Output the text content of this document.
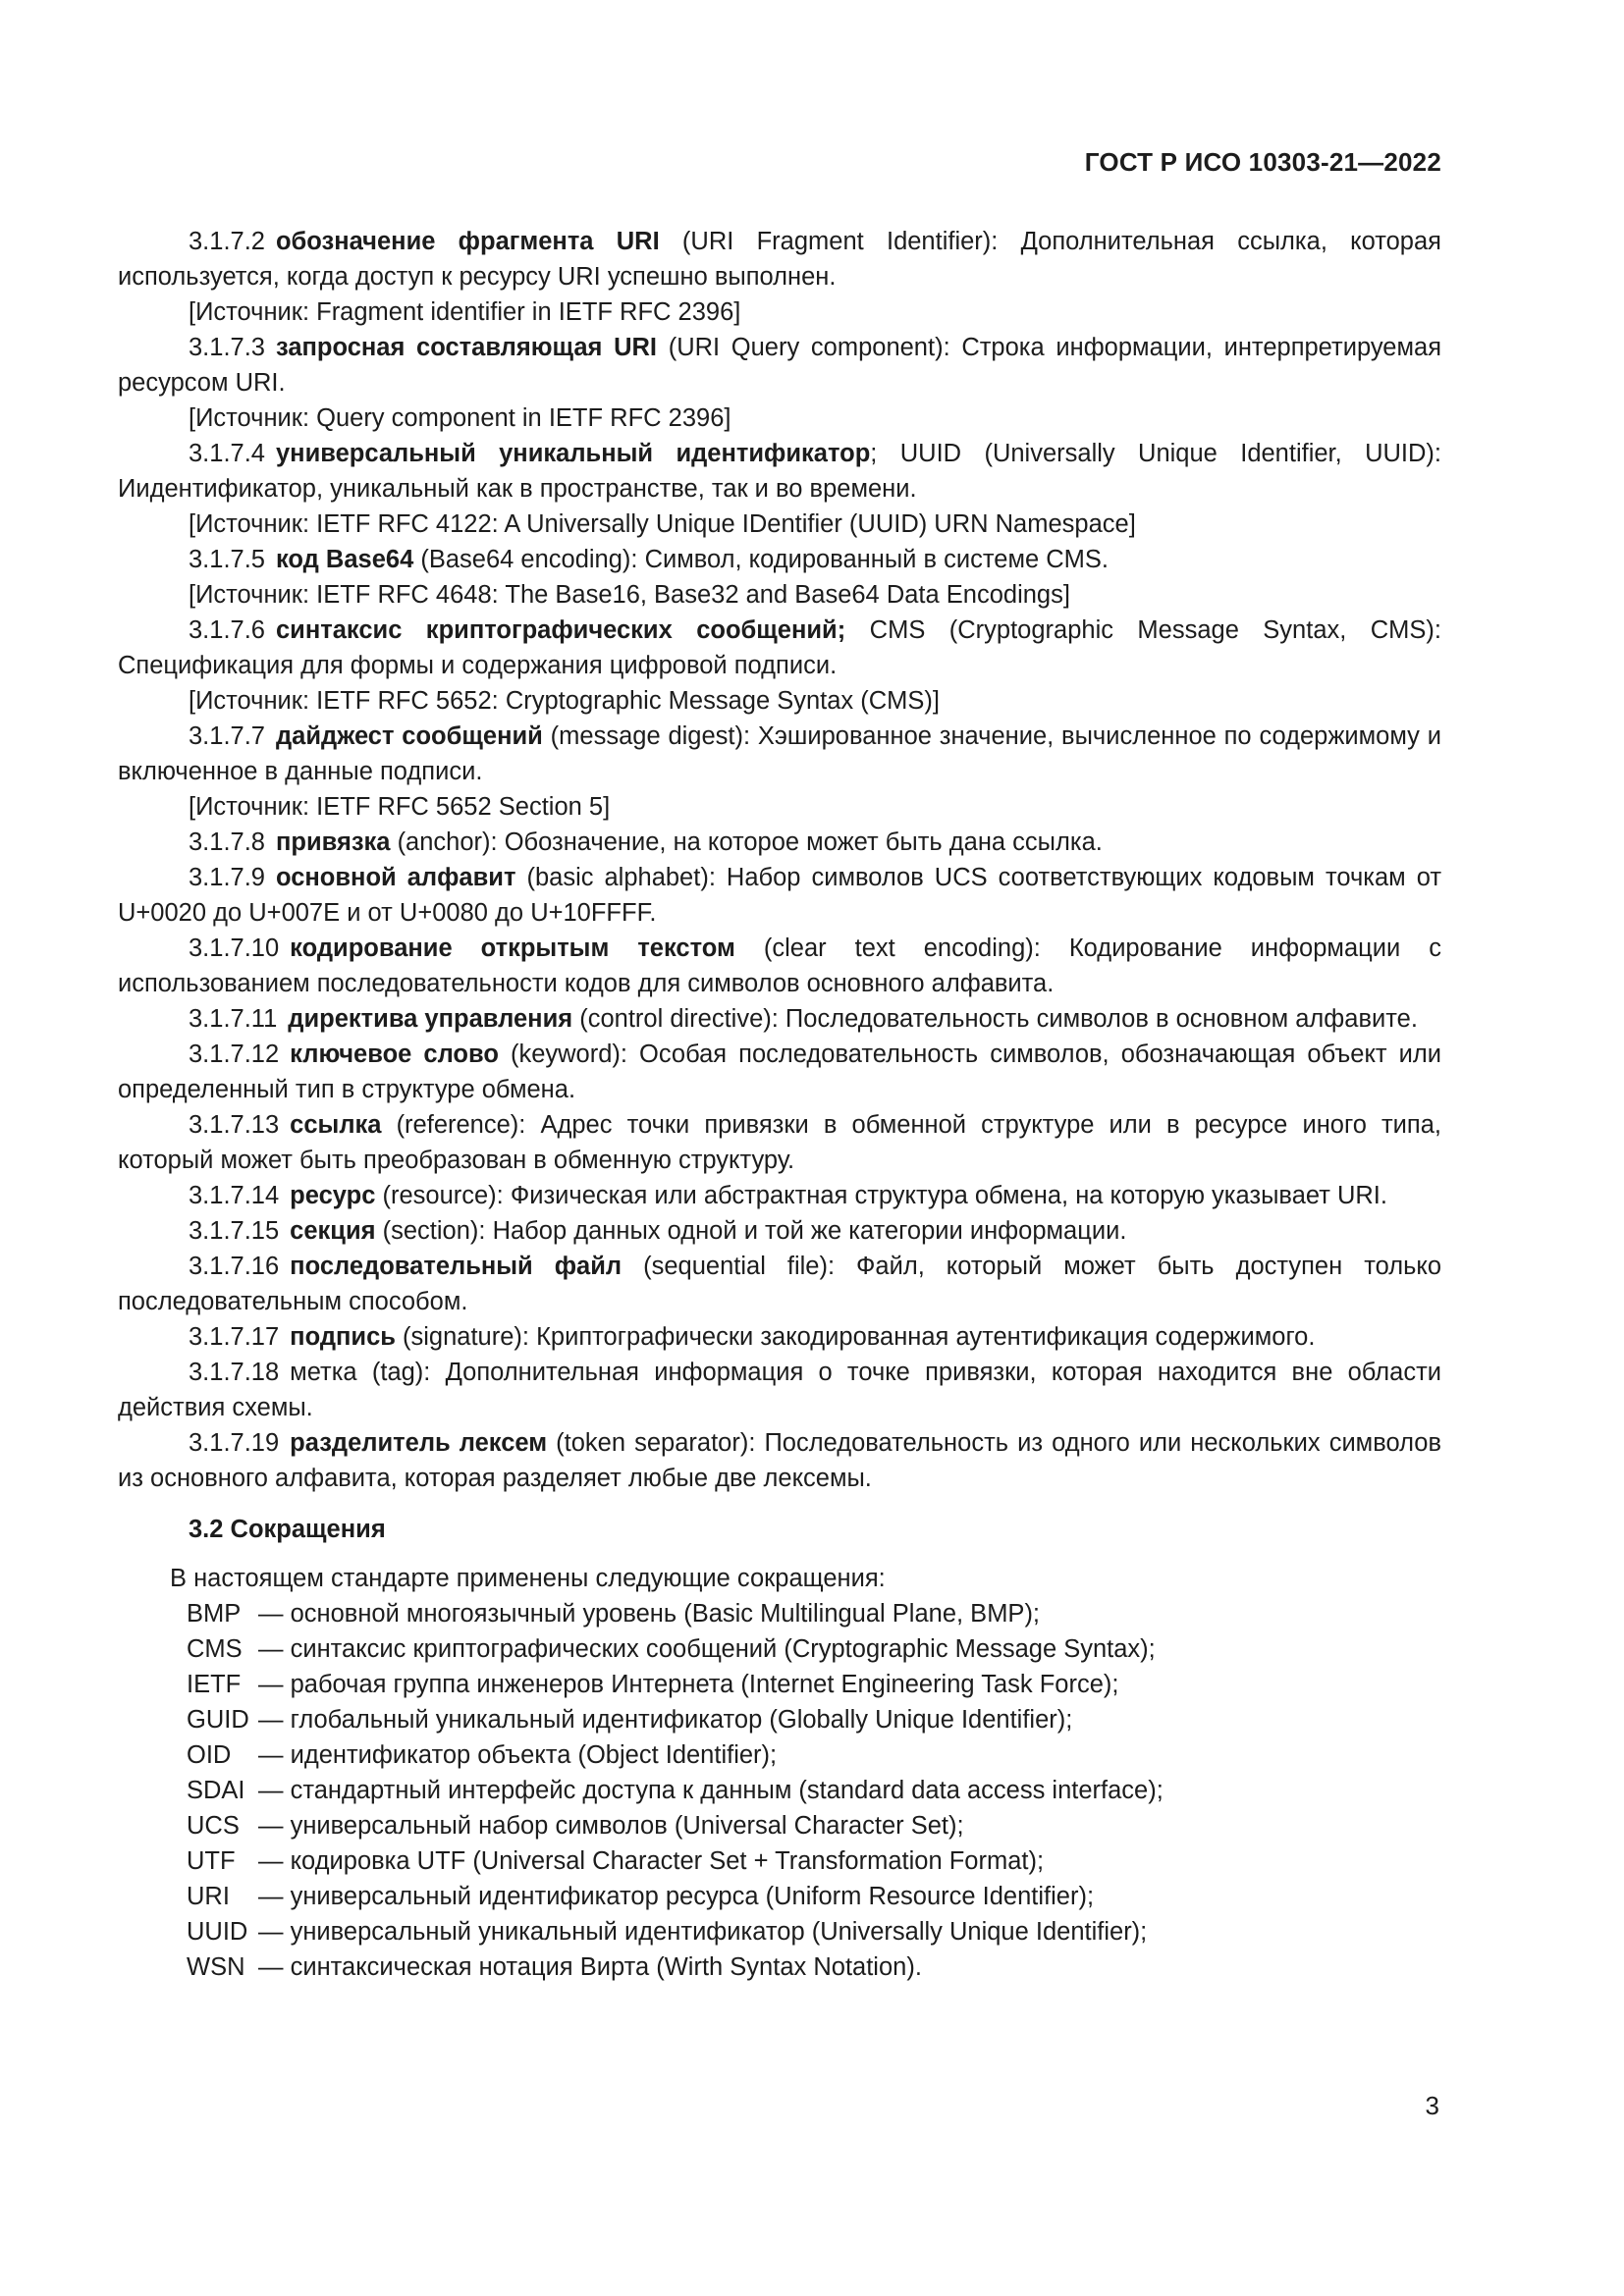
ГОСТ Р ИСО 10303-21—2022

3.1.7.2 обозначение фрагмента URI (URI Fragment Identifier): Дополнительная ссылка, которая используется, когда доступ к ресурсу URI успешно выполнен.

[Источник: Fragment identifier in IETF RFC 2396]

3.1.7.3 запросная составляющая URI (URI Query component): Строка информации, интерпретируемая ресурсом URI.

[Источник: Query component in IETF RFC 2396]

3.1.7.4 универсальный уникальный идентификатор; UUID (Universally Unique Identifier, UUID): Иидентификатор, уникальный как в пространстве, так и во времени.

[Источник: IETF RFC 4122: A Universally Unique IDentifier (UUID) URN Namespace]

3.1.7.5 код Base64 (Base64 encoding): Символ, кодированный в системе CMS.

[Источник: IETF RFC 4648: The Base16, Base32 and Base64 Data Encodings]

3.1.7.6 синтаксис криптографических сообщений; CMS (Cryptographic Message Syntax, CMS): Спецификация для формы и содержания цифровой подписи.

[Источник: IETF RFC 5652: Cryptographic Message Syntax (CMS)]

3.1.7.7 дайджест сообщений (message digest): Хэшированное значение, вычисленное по содержимому и включенное в данные подписи.

[Источник: IETF RFC 5652 Section 5]

3.1.7.8 привязка (anchor): Обозначение, на которое может быть дана ссылка.

3.1.7.9 основной алфавит (basic alphabet): Набор символов UCS соответствующих кодовым точкам от U+0020 до U+007E и от U+0080 до U+10FFFF.

3.1.7.10 кодирование открытым текстом (clear text encoding): Кодирование информации с использованием последовательности кодов для символов основного алфавита.

3.1.7.11 директива управления (control directive): Последовательность символов в основном алфавите.

3.1.7.12 ключевое слово (keyword): Особая последовательность символов, обозначающая объект или определенный тип в структуре обмена.

3.1.7.13 ссылка (reference): Адрес точки привязки в обменной структуре или в ресурсе иного типа, который может быть преобразован в обменную структуру.

3.1.7.14 ресурс (resource): Физическая или абстрактная структура обмена, на которую указывает URI.

3.1.7.15 секция (section): Набор данных одной и той же категории информации.

3.1.7.16 последовательный файл (sequential file): Файл, который может быть доступен только последовательным способом.

3.1.7.17 подпись (signature): Криптографически закодированная аутентификация содержимого.

3.1.7.18 метка (tag): Дополнительная информация о точке привязки, которая находится вне области действия схемы.

3.1.7.19 разделитель лексем (token separator): Последовательность из одного или нескольких символов из основного алфавита, которая разделяет любые две лексемы.

3.2 Сокращения

В настоящем стандарте применены следующие сокращения:

BMP — основной многоязычный уровень (Basic Multilingual Plane, BMP);
CMS — синтаксис криптографических сообщений (Cryptographic Message Syntax);
IETF — рабочая группа инженеров Интернета (Internet Engineering Task Force);
GUID — глобальный уникальный идентификатор (Globally Unique Identifier);
OID	— идентификатор объекта (Object Identifier);
SDAI — стандартный интерфейс доступа к данным (standard data access interface);
UCS — универсальный набор символов (Universal Character Set);
UTF — кодировка UTF (Universal Character Set + Transformation Format);
URI	— универсальный идентификатор ресурса (Uniform Resource Identifier);
UUID — универсальный уникальный идентификатор (Universally Unique Identifier);
WSN — синтаксическая нотация Вирта (Wirth Syntax Notation).
3
